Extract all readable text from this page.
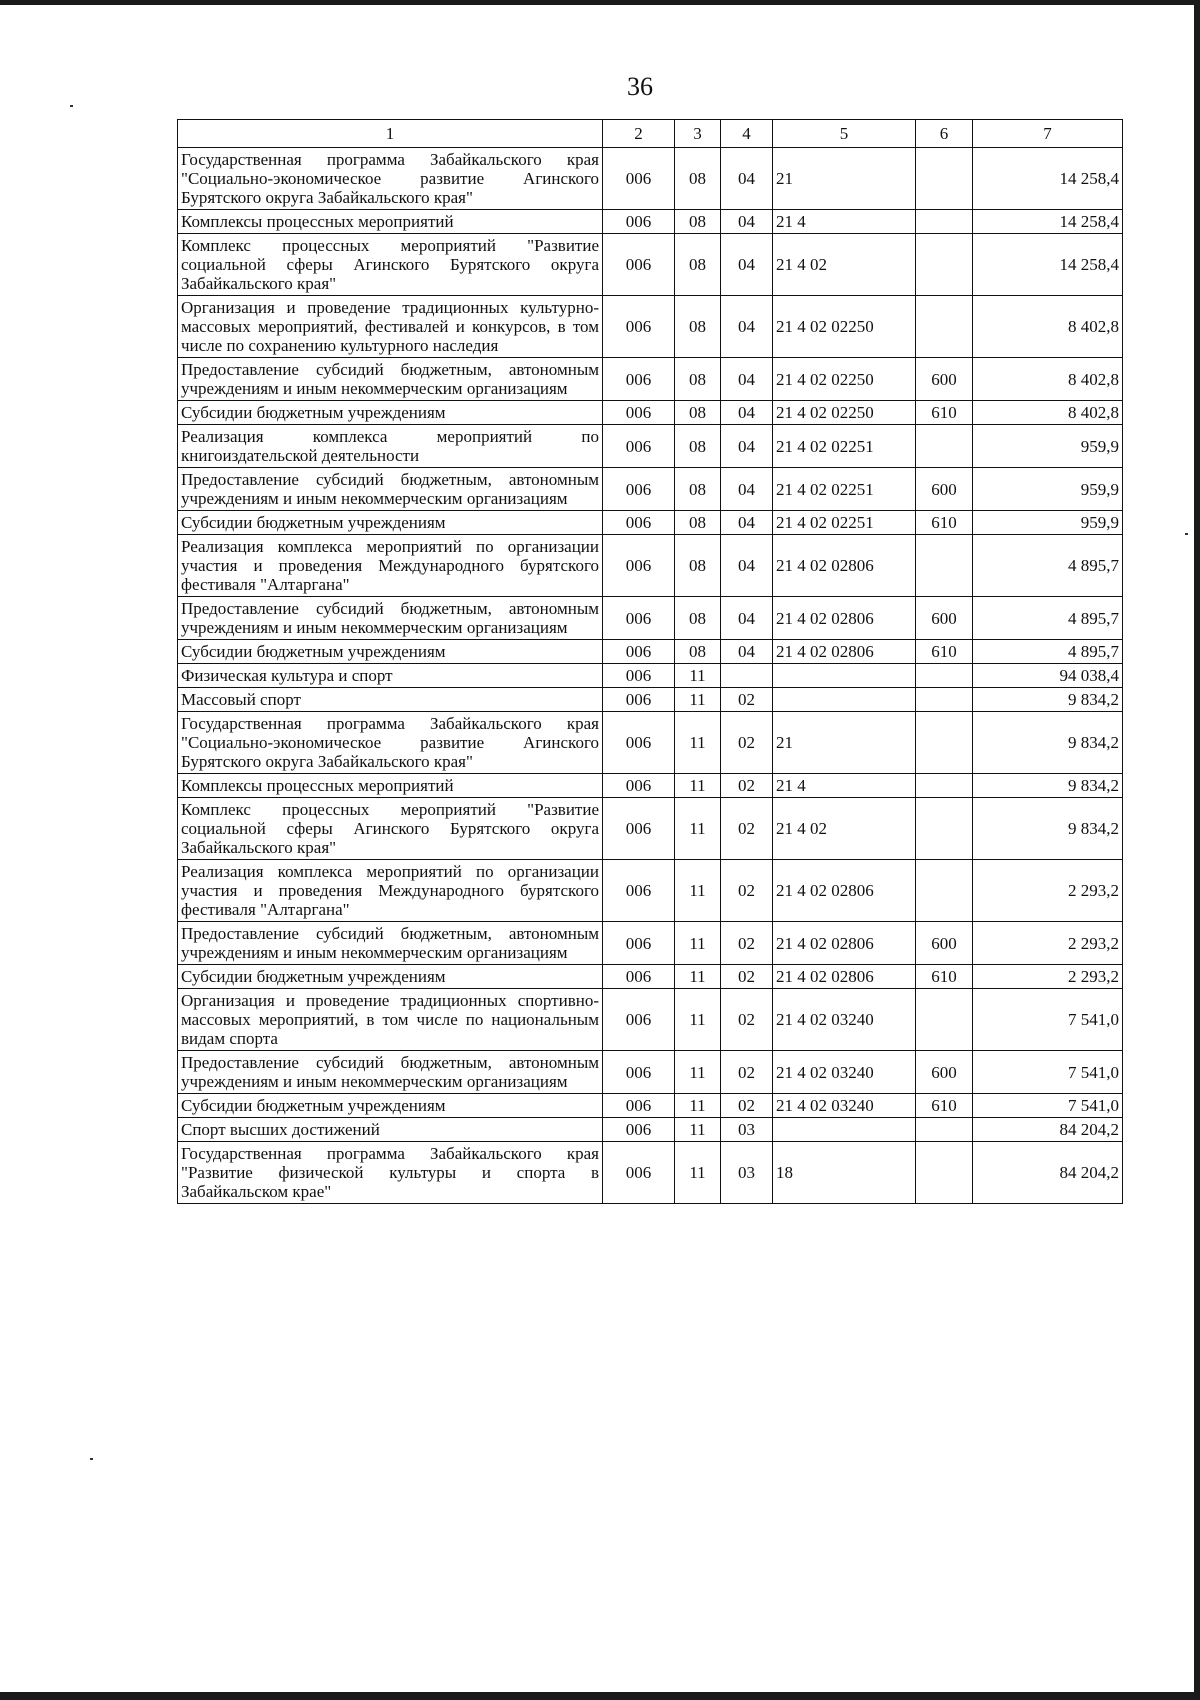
36
1	2	3	4	5	6	7
Государственная программа Забайкальского края "Социально-экономическое развитие Агинского Бурятского округа Забайкальского края"	006	08	04	21		14 258,4
Комплексы процессных мероприятий	006	08	04	21 4		14 258,4
Комплекс процессных мероприятий "Развитие социальной сферы Агинского Бурятского округа Забайкальского края"	006	08	04	21 4 02		14 258,4
Организация и проведение традиционных культурно-массовых мероприятий, фестивалей и конкурсов, в том числе по сохранению культурного наследия	006	08	04	21 4 02 02250		8 402,8
Предоставление субсидий бюджетным, автономным учреждениям и иным некоммерческим организациям	006	08	04	21 4 02 02250	600	8 402,8
Субсидии бюджетным учреждениям	006	08	04	21 4 02 02250	610	8 402,8
Реализация комплекса мероприятий по книгоиздательской деятельности	006	08	04	21 4 02 02251		959,9
Предоставление субсидий бюджетным, автономным учреждениям и иным некоммерческим организациям	006	08	04	21 4 02 02251	600	959,9
Субсидии бюджетным учреждениям	006	08	04	21 4 02 02251	610	959,9
Реализация комплекса мероприятий по организации участия и проведения Международного бурятского фестиваля "Алтаргана"	006	08	04	21 4 02 02806		4 895,7
Предоставление субсидий бюджетным, автономным учреждениям и иным некоммерческим организациям	006	08	04	21 4 02 02806	600	4 895,7
Субсидии бюджетным учреждениям	006	08	04	21 4 02 02806	610	4 895,7
Физическая культура и спорт	006	11				94 038,4
Массовый спорт	006	11	02			9 834,2
Государственная программа Забайкальского края "Социально-экономическое развитие Агинского Бурятского округа Забайкальского края"	006	11	02	21		9 834,2
Комплексы процессных мероприятий	006	11	02	21 4		9 834,2
Комплекс процессных мероприятий "Развитие социальной сферы Агинского Бурятского округа Забайкальского края"	006	11	02	21 4 02		9 834,2
Реализация комплекса мероприятий по организации участия и проведения Международного бурятского фестиваля "Алтаргана"	006	11	02	21 4 02 02806		2 293,2
Предоставление субсидий бюджетным, автономным учреждениям и иным некоммерческим организациям	006	11	02	21 4 02 02806	600	2 293,2
Субсидии бюджетным учреждениям	006	11	02	21 4 02 02806	610	2 293,2
Организация и проведение традиционных спортивно-массовых мероприятий, в том числе по национальным видам спорта	006	11	02	21 4 02 03240		7 541,0
Предоставление субсидий бюджетным, автономным учреждениям и иным некоммерческим организациям	006	11	02	21 4 02 03240	600	7 541,0
Субсидии бюджетным учреждениям	006	11	02	21 4 02 03240	610	7 541,0
Спорт высших достижений	006	11	03			84 204,2
Государственная программа Забайкальского края "Развитие физической культуры и спорта в Забайкальском крае"	006	11	03	18		84 204,2
